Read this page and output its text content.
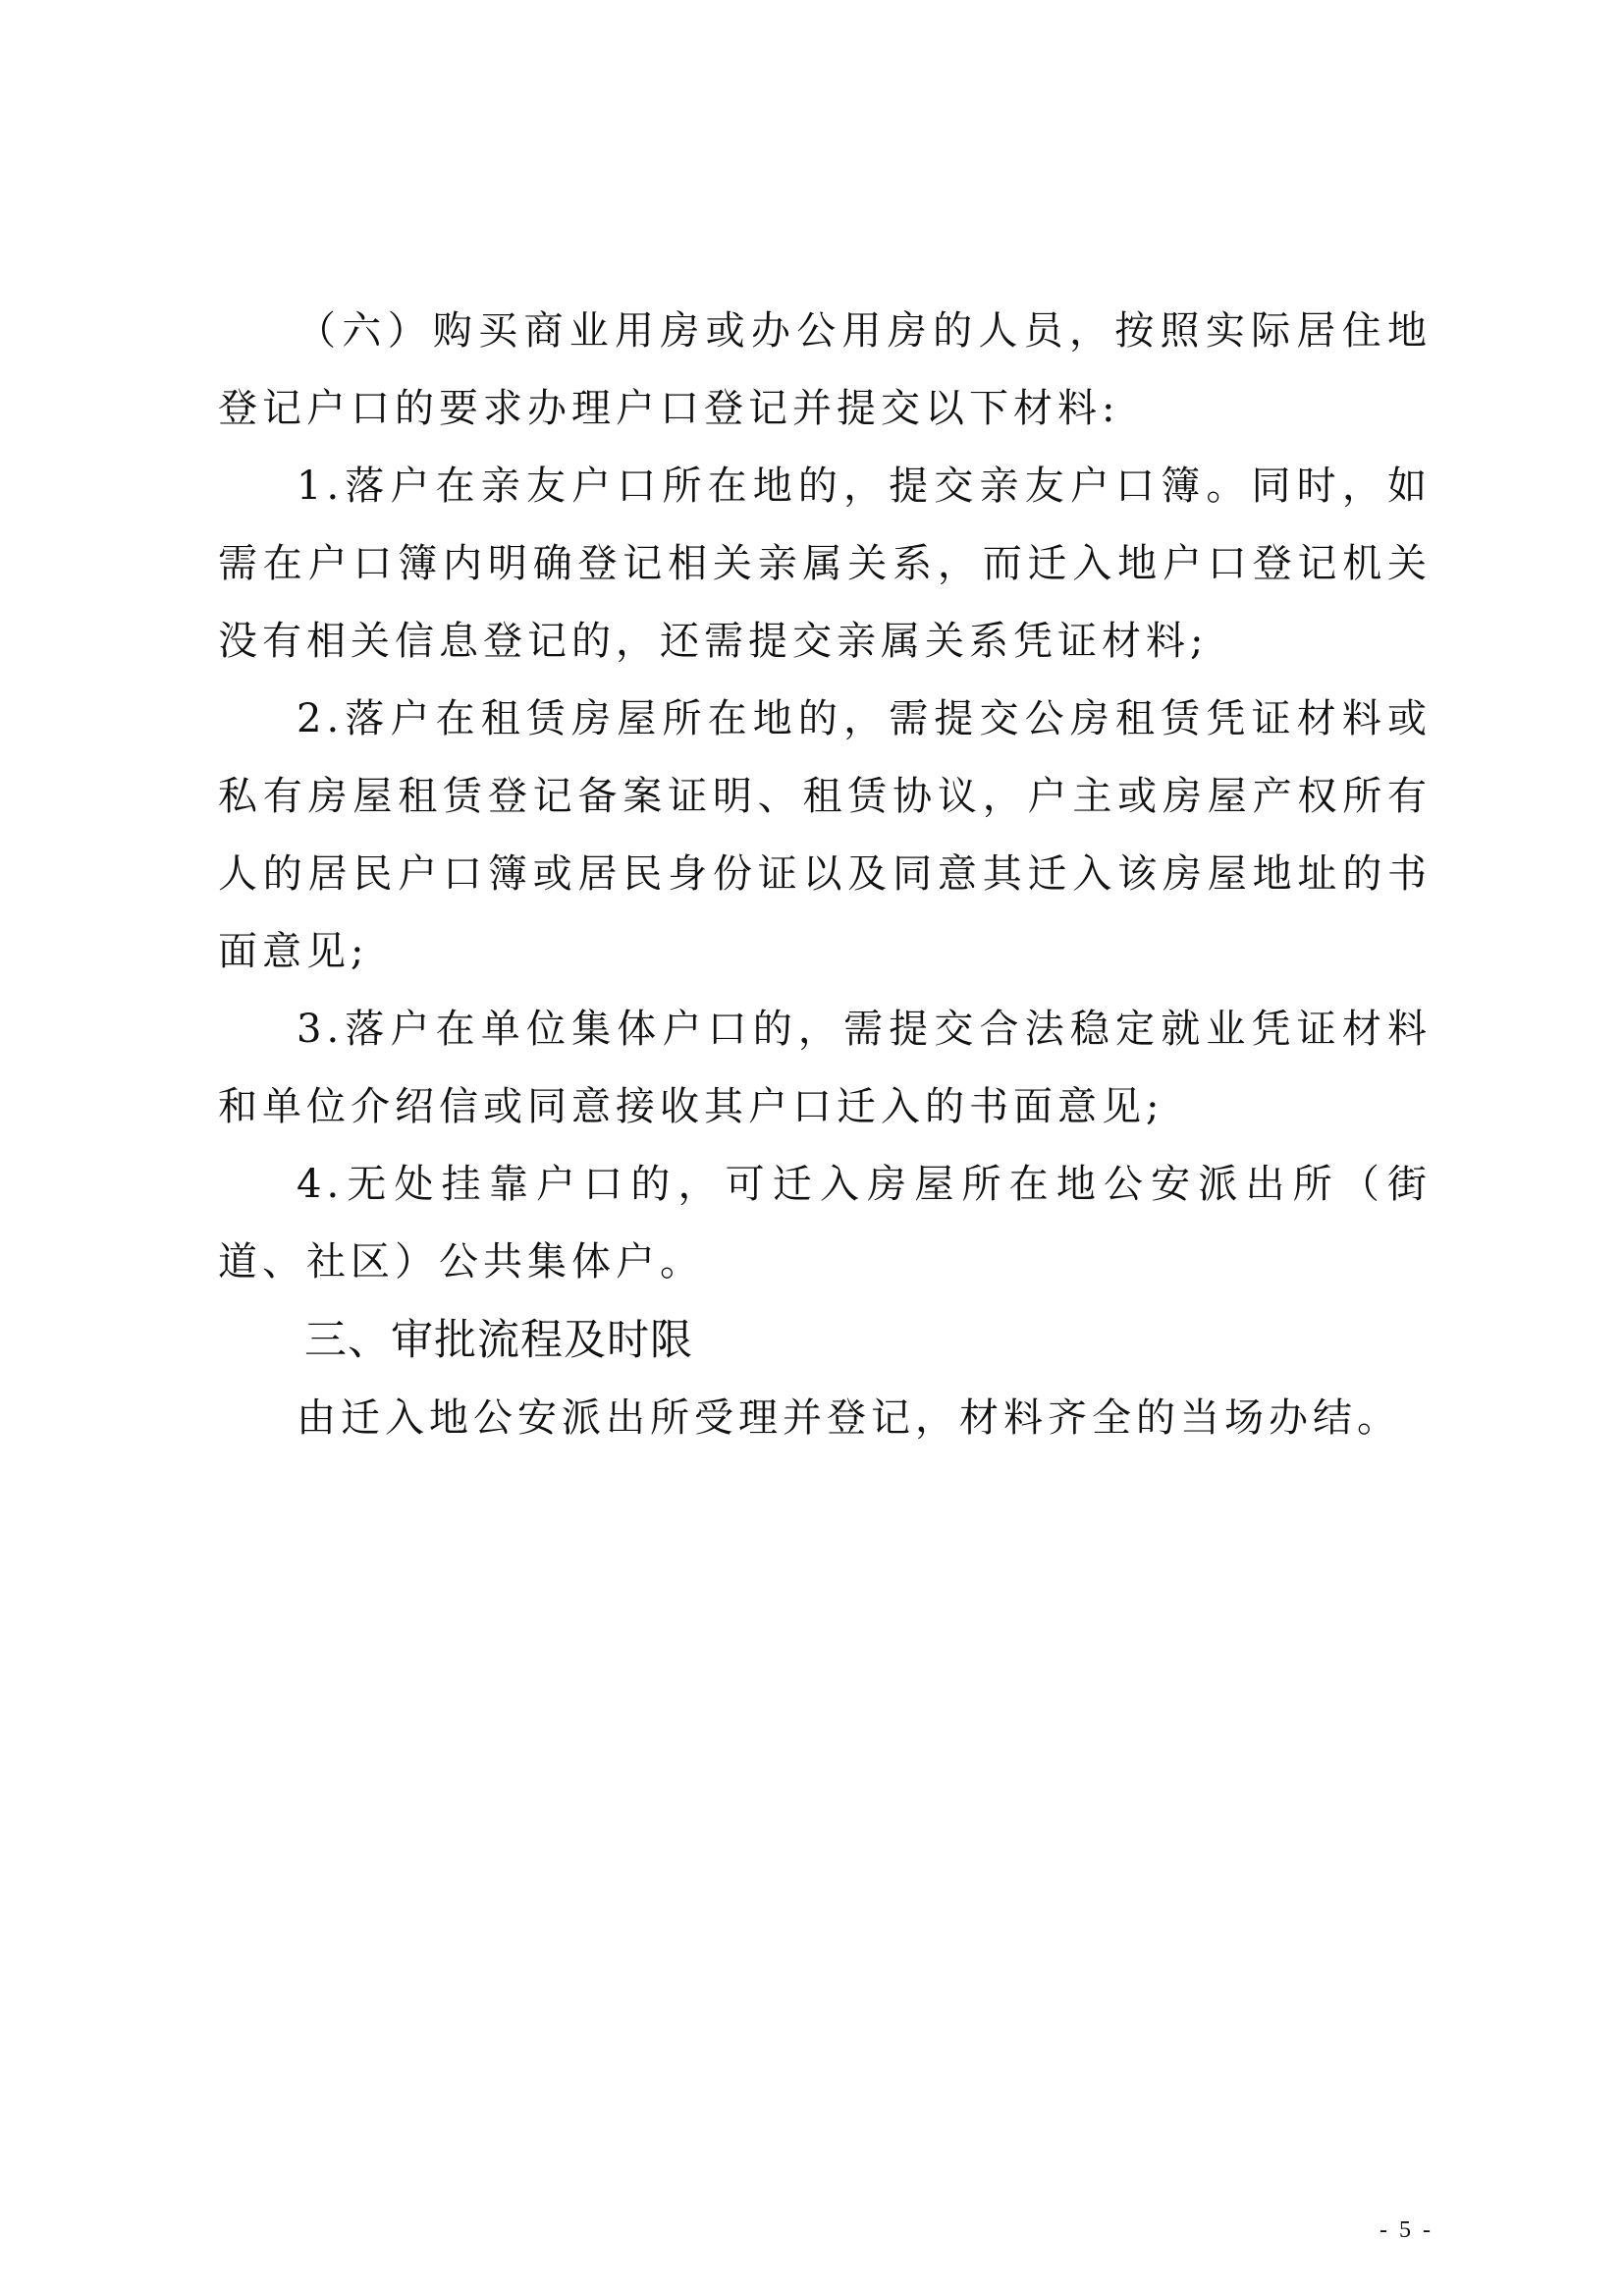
（六）购买商业用房或办公用房的人员，按照实际居住地登记户口的要求办理户口登记并提交以下材料:

1.落户在亲友户口所在地的，提交亲友户口簿。同时，如需在户口簿内明确登记相关亲属关系，而迁入地户口登记机关没有相关信息登记的，还需提交亲属关系凭证材料;

2.落户在租赁房屋所在地的，需提交公房租赁凭证材料或私有房屋租赁登记备案证明、租赁协议，户主或房屋产权所有人的居民户口簿或居民身份证以及同意其迁入该房屋地址的书面意见;

3.落户在单位集体户口的，需提交合法稳定就业凭证材料和单位介绍信或同意接收其户口迁入的书面意见;

4.无处挂靠户口的，可迁入房屋所在地公安派出所（街道、社区）公共集体户。

三、审批流程及时限

由迁入地公安派出所受理并登记，材料齐全的当场办结。

- 5 -
